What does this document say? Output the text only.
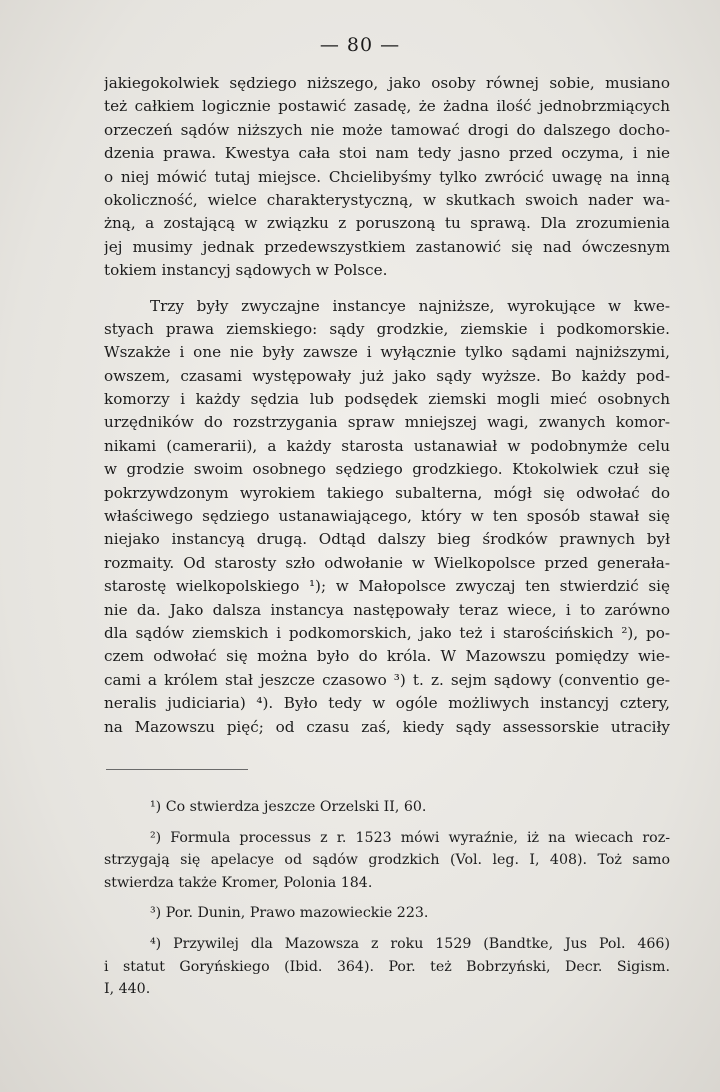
— 80 —
jakiegokolwiek sędziego niższego, jako osoby równej sobie, musiano
też całkiem logicznie postawić zasadę, że żadna ilość jednobrzmiących
orzeczeń sądów niższych nie może tamować drogi do dalszego docho-
dzenia prawa. Kwestya cała stoi nam tedy jasno przed oczyma, i nie
o niej mówić tutaj miejsce. Chcielibyśmy tylko zwrócić uwagę na inną
okoliczność, wielce charakterystyczną, w skutkach swoich nader wa-
żną, a zostającą w związku z poruszoną tu sprawą. Dla zrozumienia
jej musimy jednak przedewszystkiem zastanowić się nad ówczesnym
tokiem instancyj sądowych w Polsce.
Trzy były zwyczajne instancye najniższe, wyrokujące w kwe-
styach prawa ziemskiego: sądy grodzkie, ziemskie i podkomorskie.
Wszakże i one nie były zawsze i wyłącznie tylko sądami najniższymi,
owszem, czasami występowały już jako sądy wyższe. Bo każdy pod-
komorzy i każdy sędzia lub podsędek ziemski mogli mieć osobnych
urzędników do rozstrzygania spraw mniejszej wagi, zwanych komor-
nikami (camerarii), a każdy starosta ustanawiał w podobnymże celu
w grodzie swoim osobnego sędziego grodzkiego. Ktokolwiek czuł się
pokrzywdzonym wyrokiem takiego subalterna, mógł się odwołać do
właściwego sędziego ustanawiającego, który w ten sposób stawał się
niejako instancyą drugą. Odtąd dalszy bieg środków prawnych był
rozmaity. Od starosty szło odwołanie w Wielkopolsce przed generała-
starostę wielkopolskiego ¹); w Małopolsce zwyczaj ten stwierdzić się
nie da. Jako dalsza instancya następowały teraz wiece, i to zarówno
dla sądów ziemskich i podkomorskich, jako też i starościńskich ²), po-
czem odwołać się można było do króla. W Mazowszu pomiędzy wie-
cami a królem stał jeszcze czasowo ³) t. z. sejm sądowy (conventio ge-
neralis judiciaria) ⁴). Było tedy w ogóle możliwych instancyj cztery,
na Mazowszu pięć; od czasu zaś, kiedy sądy assessorskie utraciły
¹) Co stwierdza jeszcze Orzelski II, 60.
²) Formula processus z r. 1523 mówi wyraźnie, iż na wiecach roz-
strzygają się apelacye od sądów grodzkich (Vol. leg. I, 408). Toż samo
stwierdza także Kromer, Polonia 184.
³) Por. Dunin, Prawo mazowieckie 223.
⁴) Przywilej dla Mazowsza z roku 1529 (Bandtke, Jus Pol. 466)
i statut Goryńskiego (Ibid. 364). Por. też Bobrzyński, Decr. Sigism.
I, 440.
